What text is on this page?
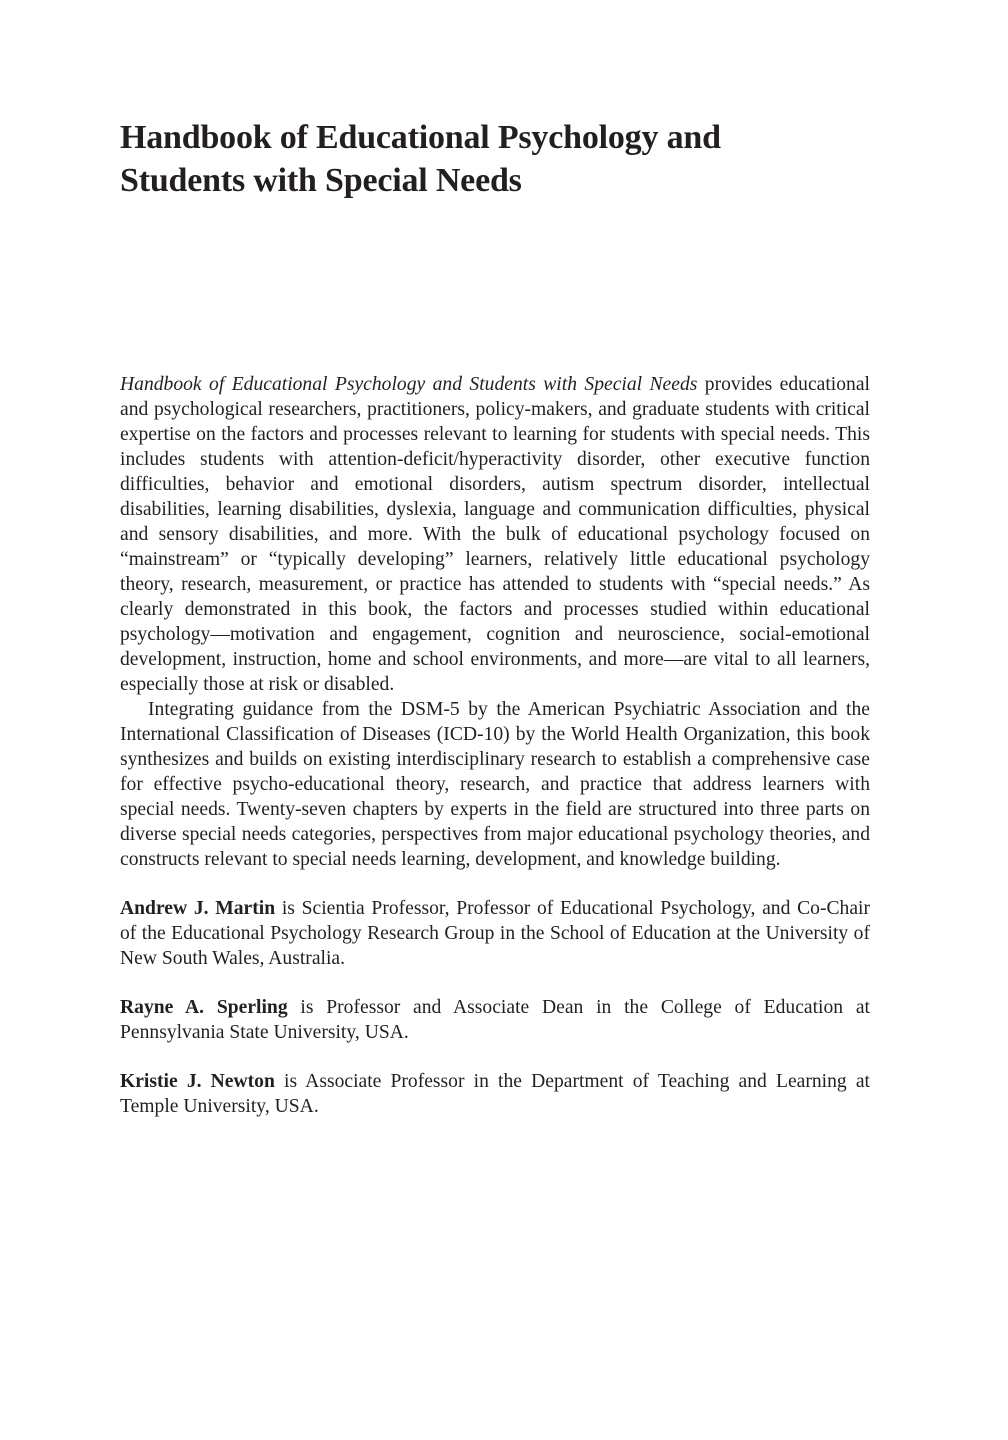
Handbook of Educational Psychology and
Students with Special Needs

Handbook of Educational Psychology and Students with Special Needs provides educational and psychological researchers, practitioners, policy-makers, and graduate students with critical expertise on the factors and processes relevant to learning for students with special needs. This includes students with attention-deficit/hyperactivity disorder, other executive function difficulties, behavior and emotional disorders, autism spectrum disorder, intellectual disabilities, learning disabilities, dyslexia, language and communication difficulties, physical and sensory disabilities, and more. With the bulk of educational psychology focused on “mainstream” or “typically developing” learners, relatively little educational psychology theory, research, measurement, or practice has attended to students with “special needs.” As clearly demonstrated in this book, the factors and processes studied within educational psychology—motivation and engagement, cognition and neuroscience, social-emotional development, instruction, home and school environments, and more—are vital to all learners, especially those at risk or disabled.

Integrating guidance from the DSM-5 by the American Psychiatric Association and the International Classification of Diseases (ICD-10) by the World Health Organization, this book synthesizes and builds on existing interdisciplinary research to establish a comprehensive case for effective psycho-educational theory, research, and practice that address learners with special needs. Twenty-seven chapters by experts in the field are structured into three parts on diverse special needs categories, perspectives from major educational psychology theories, and constructs relevant to special needs learning, development, and knowledge building.

Andrew J. Martin is Scientia Professor, Professor of Educational Psychology, and Co-Chair of the Educational Psychology Research Group in the School of Education at the University of New South Wales, Australia.

Rayne A. Sperling is Professor and Associate Dean in the College of Education at Pennsylvania State University, USA.

Kristie J. Newton is Associate Professor in the Department of Teaching and Learning at Temple University, USA.
